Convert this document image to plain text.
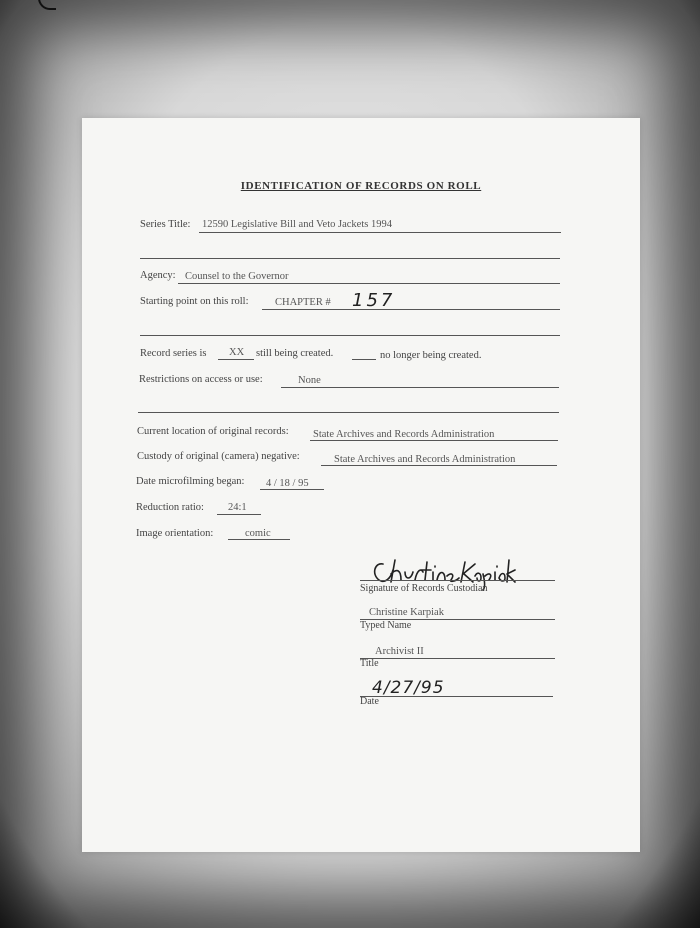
IDENTIFICATION OF RECORDS ON ROLL
Series Title: 12590 Legislative Bill and Veto Jackets 1994
Agency: Counsel to the Governor
Starting point on this roll:	CHAPTER # 157
Record series is XX still being created.	no longer being created.
Restrictions on access or use:	None
Current location of original records: State Archives and Records Administration
Custody of original (camera) negative:	State Archives and Records Administration
Date microfilming began: 4 / 18 / 95
Reduction ratio: 24:1
Image orientation:	comic
Signature of Records Custodian
Christine Karpiak
Typed Name
Archivist II
Title
4/27/95
Date
